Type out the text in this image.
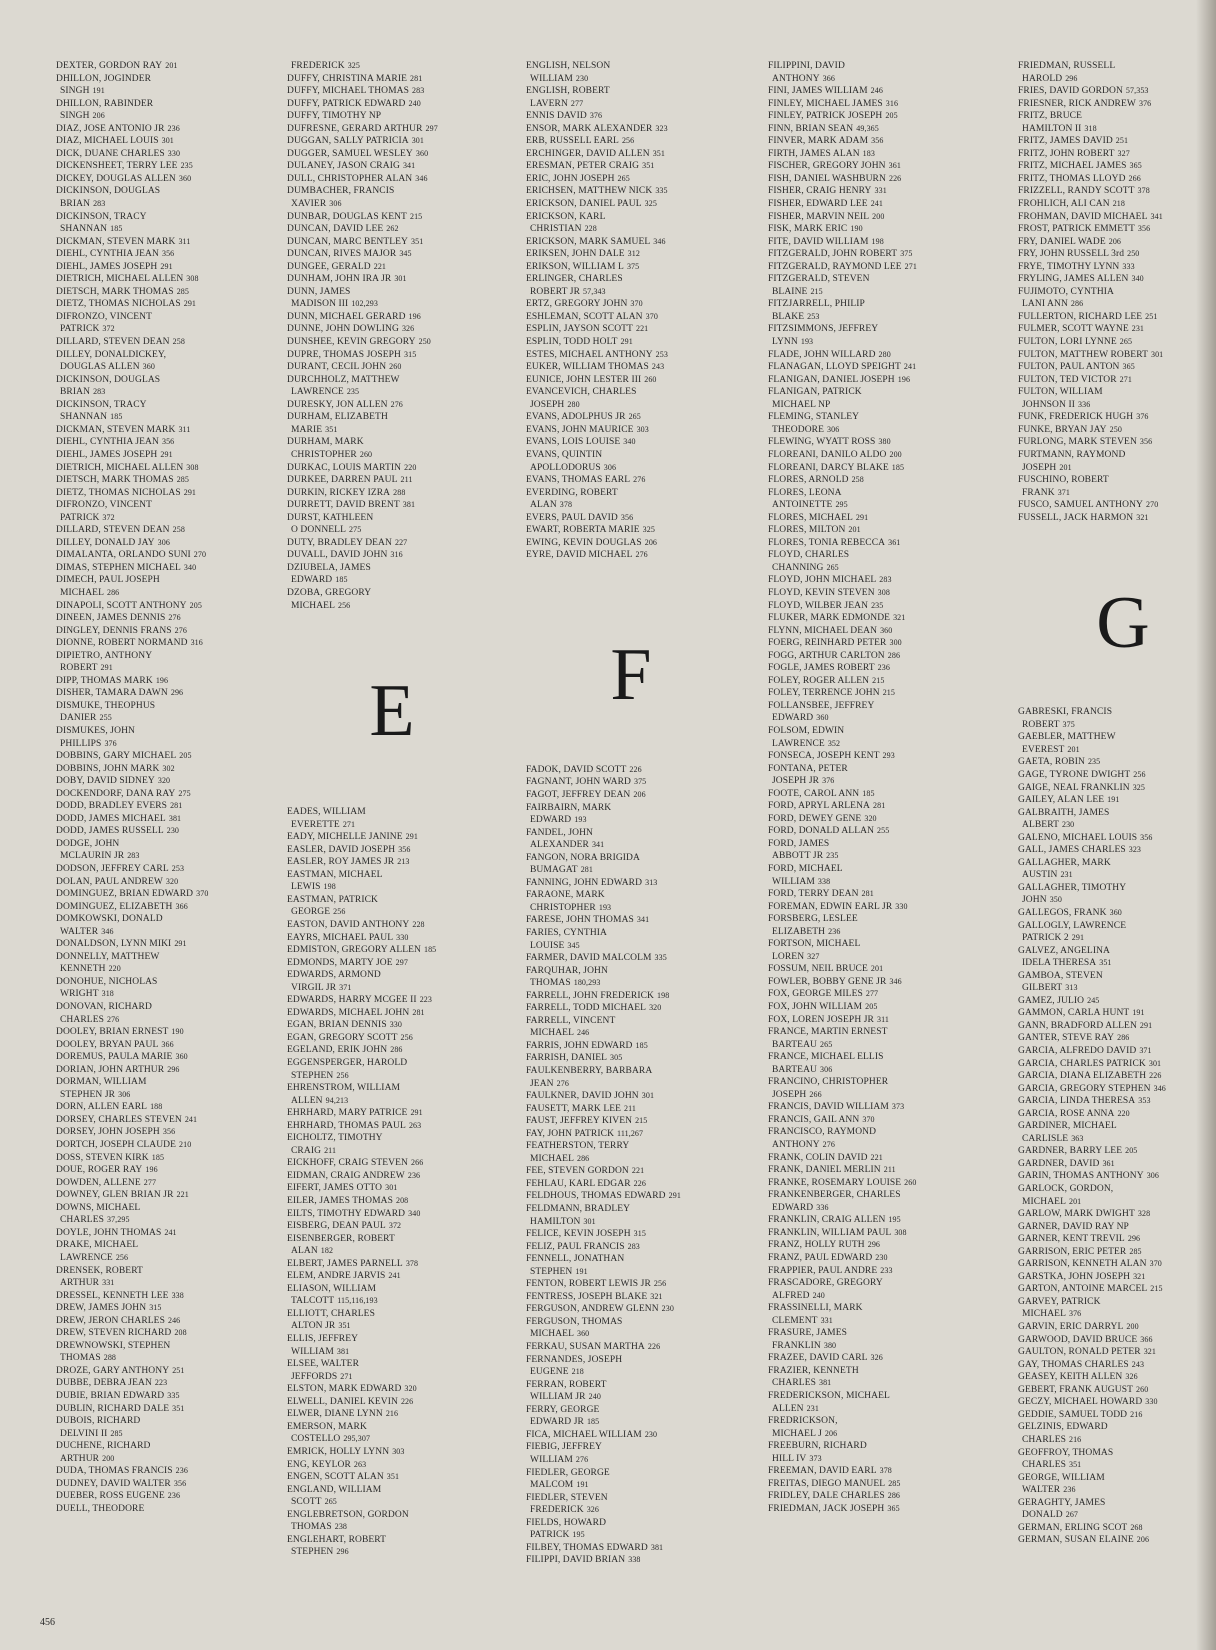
DEXTER, GORDON RAY 201
DHILLON, JOGINDER
SINGH 191
DHILLON, RABINDER
SINGH 206
DIAZ, JOSE ANTONIO JR 236
DIAZ, MICHAEL LOUIS 301
DICK, DUANE CHARLES 330
DICKENSHEET, TERRY LEE 235
DICKEY, DOUGLAS ALLEN 360
DICKINSON, DOUGLAS
BRIAN 283
DICKINSON, TRACY
SHANNAN 185
DICKMAN, STEVEN MARK 311
DIEHL, CYNTHIA JEAN 356
DIEHL, JAMES JOSEPH 291
DIETRICH, MICHAEL ALLEN 308
DIETSCH, MARK THOMAS 285
DIETZ, THOMAS NICHOLAS 291
DIFRONZO, VINCENT
PATRICK 372
DILLARD, STEVEN DEAN 258
DILLEY, DONALDICKEY,
DOUGLAS ALLEN 360
DICKINSON, DOUGLAS
BRIAN 283
DICKINSON, TRACY
SHANNAN 185
DICKMAN, STEVEN MARK 311
DIEHL, CYNTHIA JEAN 356
DIEHL, JAMES JOSEPH 291
DIETRICH, MICHAEL ALLEN 308
DIETSCH, MARK THOMAS 285
DIETZ, THOMAS NICHOLAS 291
DIFRONZO, VINCENT
PATRICK 372
DILLARD, STEVEN DEAN 258
DILLEY, DONALD JAY 306
DIMALANTA, ORLANDO SUNI 270
DIMAS, STEPHEN MICHAEL 340
DIMECH, PAUL JOSEPH
MICHAEL 286
DINAPOLI, SCOTT ANTHONY 205
DINEEN, JAMES DENNIS 276
DINGLEY, DENNIS FRANS 276
DIONNE, ROBERT NORMAND 316
DIPIETRO, ANTHONY
ROBERT 291
DIPP, THOMAS MARK 196
DISHER, TAMARA DAWN 296
DISMUKE, THEOPHUS
DANIER 255
DISMUKES, JOHN
PHILLIPS 376
DOBBINS, GARY MICHAEL 205
DOBBINS, JOHN MARK 302
DOBY, DAVID SIDNEY 320
DOCKENDORF, DANA RAY 275
DODD, BRADLEY EVERS 281
DODD, JAMES MICHAEL 381
DODD, JAMES RUSSELL 230
DODGE, JOHN
MCLAURIN JR 283
DODSON, JEFFREY CARL 253
DOLAN, PAUL ANDREW 320
DOMINGUEZ, BRIAN EDWARD 370
DOMINGUEZ, ELIZABETH 366
DOMKOWSKI, DONALD
WALTER 346
DONALDSON, LYNN MIKI 291
DONNELLY, MATTHEW
KENNETH 220
DONOHUE, NICHOLAS
WRIGHT 318
DONOVAN, RICHARD
CHARLES 276
DOOLEY, BRIAN ERNEST 190
DOOLEY, BRYAN PAUL 366
DOREMUS, PAULA MARIE 360
DORIAN, JOHN ARTHUR 296
DORMAN, WILLIAM
STEPHEN JR 306
DORN, ALLEN EARL 188
DORSEY, CHARLES STEVEN 241
DORSEY, JOHN JOSEPH 356
DORTCH, JOSEPH CLAUDE 210
DOSS, STEVEN KIRK 185
DOUE, ROGER RAY 196
DOWDEN, ALLENE 277
DOWNEY, GLEN BRIAN JR 221
DOWNS, MICHAEL
CHARLES 37,295
DOYLE, JOHN THOMAS 241
DRAKE, MICHAEL
LAWRENCE 256
DRENSEK, ROBERT
ARTHUR 331
DRESSEL, KENNETH LEE 338
DREW, JAMES JOHN 315
DREW, JERON CHARLES 246
DREW, STEVEN RICHARD 208
DREWNOWSKI, STEPHEN
THOMAS 288
DROZE, GARY ANTHONY 251
DUBBE, DEBRA JEAN 223
DUBIE, BRIAN EDWARD 335
DUBLIN, RICHARD DALE 351
DUBOIS, RICHARD
DELVINI II 285
DUCHENE, RICHARD
ARTHUR 200
DUDA, THOMAS FRANCIS 236
DUDNEY, DAVID WALTER 356
DUEBER, ROSS EUGENE 236
DUELL, THEODORE
FREDERICK 325
DUFFY, CHRISTINA MARIE 281
DUFFY, MICHAEL THOMAS 283
DUFFY, PATRICK EDWARD 240
DUFFY, TIMOTHY NP
DUFRESNE, GERARD ARTHUR 297
DUGGAN, SALLY PATRICIA 301
DUGGER, SAMUEL WESLEY 360
DULANEY, JASON CRAIG 341
DULL, CHRISTOPHER ALAN 346
DUMBACHER, FRANCIS
XAVIER 306
DUNBAR, DOUGLAS KENT 215
DUNCAN, DAVID LEE 262
DUNCAN, MARC BENTLEY 351
DUNCAN, RIVES MAJOR 345
DUNGEE, GERALD 221
DUNHAM, JOHN IRA JR 301
DUNN, JAMES
MADISON III 102,293
DUNN, MICHAEL GERARD 196
DUNNE, JOHN DOWLING 326
DUNSHEE, KEVIN GREGORY 250
DUPRE, THOMAS JOSEPH 315
DURANT, CECIL JOHN 260
DURCHHOLZ, MATTHEW
LAWRENCE 235
DURESKY, JON ALLEN 276
DURHAM, ELIZABETH
MARIE 351
DURHAM, MARK
CHRISTOPHER 260
DURKAC, LOUIS MARTIN 220
DURKEE, DARREN PAUL 211
DURKIN, RICKEY IZRA 288
DURRETT, DAVID BRENT 381
DURST, KATHLEEN
O DONNELL 275
DUTY, BRADLEY DEAN 227
DUVALL, DAVID JOHN 316
DZIUBELA, JAMES
EDWARD 185
DZOBA, GREGORY
MICHAEL 256
E
EADES, WILLIAM
EVERETTE 271
EADY, MICHELLE JANINE 291
EASLER, DAVID JOSEPH 356
EASLER, ROY JAMES JR 213
EASTMAN, MICHAEL
LEWIS 198
EASTMAN, PATRICK
GEORGE 256
EASTON, DAVID ANTHONY 228
EAYRS, MICHAEL PAUL 330
EDMISTON, GREGORY ALLEN 185
EDMONDS, MARTY JOE 297
EDWARDS, ARMOND
VIRGIL JR 371
EDWARDS, HARRY MCGEE II 223
EDWARDS, MICHAEL JOHN 281
EGAN, BRIAN DENNIS 330
EGAN, GREGORY SCOTT 256
EGELAND, ERIK JOHN 286
EGGENSPERGER, HAROLD
STEPHEN 256
EHRENSTROM, WILLIAM
ALLEN 94,213
EHRHARD, MARY PATRICE 291
EHRHARD, THOMAS PAUL 263
EICHOLTZ, TIMOTHY
CRAIG 211
EICKHOFF, CRAIG STEVEN 266
EIDMAN, CRAIG ANDREW 236
EIFERT, JAMES OTTO 301
EILER, JAMES THOMAS 208
EILTS, TIMOTHY EDWARD 340
EISBERG, DEAN PAUL 372
EISENBERGER, ROBERT
ALAN 182
ELBERT, JAMES PARNELL 378
ELEM, ANDRE JARVIS 241
ELIASON, WILLIAM
TALCOTT 115,116,193
ELLIOTT, CHARLES
ALTON JR 351
ELLIS, JEFFREY
WILLIAM 381
ELSEE, WALTER
JEFFORDS 271
ELSTON, MARK EDWARD 320
ELWELL, DANIEL KEVIN 226
ELWER, DIANE LYNN 216
EMERSON, MARK
COSTELLO 295,307
EMRICK, HOLLY LYNN 303
ENG, KEYLOR 263
ENGEN, SCOTT ALAN 351
ENGLAND, WILLIAM
SCOTT 265
ENGLEBRETSON, GORDON
THOMAS 238
ENGLEHART, ROBERT
STEPHEN 296
ENGLISH, NELSON
WILLIAM 230
ENGLISH, ROBERT
LAVERN 277
ENNIS DAVID 376
ENSOR, MARK ALEXANDER 323
ERB, RUSSELL EARL 256
ERCHINGER, DAVID ALLEN 351
ERESMAN, PETER CRAIG 351
ERIC, JOHN JOSEPH 265
ERICHSEN, MATTHEW NICK 335
ERICKSON, DANIEL PAUL 325
ERICKSON, KARL
CHRISTIAN 228
ERICKSON, MARK SAMUEL 346
ERIKSEN, JOHN DALE 312
ERIKSON, WILLIAM L 375
ERLINGER, CHARLES
ROBERT JR 57,343
ERTZ, GREGORY JOHN 370
ESHLEMAN, SCOTT ALAN 370
ESPLIN, JAYSON SCOTT 221
ESPLIN, TODD HOLT 291
ESTES, MICHAEL ANTHONY 253
EUKER, WILLIAM THOMAS 243
EUNICE, JOHN LESTER III 260
EVANCEVICH, CHARLES
JOSEPH 280
EVANS, ADOLPHUS JR 265
EVANS, JOHN MAURICE 303
EVANS, LOIS LOUISE 340
EVANS, QUINTIN
APOLLODORUS 306
EVANS, THOMAS EARL 276
EVERDING, ROBERT
ALAN 378
EVERS, PAUL DAVID 356
EWART, ROBERTA MARIE 325
EWING, KEVIN DOUGLAS 206
EYRE, DAVID MICHAEL 276
F
FADOK, DAVID SCOTT 226
FAGNANT, JOHN WARD 375
FAGOT, JEFFREY DEAN 206
FAIRBAIRN, MARK
EDWARD 193
FANDEL, JOHN
ALEXANDER 341
FANGON, NORA BRIGIDA
BUMAGAT 281
FANNING, JOHN EDWARD 313
FARAONE, MARK
CHRISTOPHER 193
FARESE, JOHN THOMAS 341
FARIES, CYNTHIA
LOUISE 345
FARMER, DAVID MALCOLM 335
FARQUHAR, JOHN
THOMAS 180,293
FARRELL, JOHN FREDERICK 198
FARRELL, TODD MICHAEL 320
FARRELL, VINCENT
MICHAEL 246
FARRIS, JOHN EDWARD 185
FARRISH, DANIEL 305
FAULKENBERRY, BARBARA
JEAN 276
FAULKNER, DAVID JOHN 301
FAUSETT, MARK LEE 211
FAUST, JEFFREY KIVEN 215
FAY, JOHN PATRICK 111,267
FEATHERSTON, TERRY
MICHAEL 286
FEE, STEVEN GORDON 221
FEHLAU, KARL EDGAR 226
FELDHOUS, THOMAS EDWARD 291
FELDMANN, BRADLEY
HAMILTON 301
FELICE, KEVIN JOSEPH 315
FELIZ, PAUL FRANCIS 283
FENNELL, JONATHAN
STEPHEN 191
FENTON, ROBERT LEWIS JR 256
FENTRESS, JOSEPH BLAKE 321
FERGUSON, ANDREW GLENN 230
FERGUSON, THOMAS
MICHAEL 360
FERKAU, SUSAN MARTHA 226
FERNANDES, JOSEPH
EUGENE 218
FERRAN, ROBERT
WILLIAM JR 240
FERRY, GEORGE
EDWARD JR 185
FICA, MICHAEL WILLIAM 230
FIEBIG, JEFFREY
WILLIAM 276
FIEDLER, GEORGE
MALCOM 191
FIEDLER, STEVEN
FREDERICK 326
FIELDS, HOWARD
PATRICK 195
FILBEY, THOMAS EDWARD 381
FILIPPI, DAVID BRIAN 338
FILIPPINI, DAVID
ANTHONY 366
FINI, JAMES WILLIAM 246
FINLEY, MICHAEL JAMES 316
FINLEY, PATRICK JOSEPH 205
FINN, BRIAN SEAN 49,365
FINVER, MARK ADAM 356
FIRTH, JAMES ALAN 183
FISCHER, GREGORY JOHN 361
FISH, DANIEL WASHBURN 226
FISHER, CRAIG HENRY 331
FISHER, EDWARD LEE 241
FISHER, MARVIN NEIL 200
FISK, MARK ERIC 190
FITE, DAVID WILLIAM 198
FITZGERALD, JOHN ROBERT 375
FITZGERALD, RAYMOND LEE 271
FITZGERALD, STEVEN
BLAINE 215
FITZJARRELL, PHILIP
BLAKE 253
FITZSIMMONS, JEFFREY
LYNN 193
FLADE, JOHN WILLARD 280
FLANAGAN, LLOYD SPEIGHT 241
FLANIGAN, DANIEL JOSEPH 196
FLANIGAN, PATRICK
MICHAEL NP
FLEMING, STANLEY
THEODORE 306
FLEWING, WYATT ROSS 380
FLOREANI, DANILO ALDO 200
FLOREANI, DARCY BLAKE 185
FLORES, ARNOLD 258
FLORES, LEONA
ANTOINETTE 295
FLORES, MICHAEL 291
FLORES, MILTON 201
FLORES, TONIA REBECCA 361
FLOYD, CHARLES
CHANNING 265
FLOYD, JOHN MICHAEL 283
FLOYD, KEVIN STEVEN 308
FLOYD, WILBER JEAN 235
FLUKER, MARK EDMONDE 321
FLYNN, MICHAEL DEAN 360
FOERG, REINHARD PETER 300
FOGG, ARTHUR CARLTON 286
FOGLE, JAMES ROBERT 236
FOLEY, ROGER ALLEN 215
FOLEY, TERRENCE JOHN 215
FOLLANSBEE, JEFFREY
EDWARD 360
FOLSOM, EDWIN
LAWRENCE 352
FONSECA, JOSEPH KENT 293
FONTANA, PETER
JOSEPH JR 376
FOOTE, CAROL ANN 185
FORD, APRYL ARLENA 281
FORD, DEWEY GENE 320
FORD, DONALD ALLAN 255
FORD, JAMES
ABBOTT JR 235
FORD, MICHAEL
WILLIAM 338
FORD, TERRY DEAN 281
FOREMAN, EDWIN EARL JR 330
FORSBERG, LESLEE
ELIZABETH 236
FORTSON, MICHAEL
LOREN 327
FOSSUM, NEIL BRUCE 201
FOWLER, BOBBY GENE JR 346
FOX, GEORGE MILES 277
FOX, JOHN WILLIAM 205
FOX, LOREN JOSEPH JR 311
FRANCE, MARTIN ERNEST
BARTEAU 265
FRANCE, MICHAEL ELLIS
BARTEAU 306
FRANCINO, CHRISTOPHER
JOSEPH 266
FRANCIS, DAVID WILLIAM 373
FRANCIS, GAIL ANN 370
FRANCISCO, RAYMOND
ANTHONY 276
FRANK, COLIN DAVID 221
FRANK, DANIEL MERLIN 211
FRANKE, ROSEMARY LOUISE 260
FRANKENBERGER, CHARLES
EDWARD 336
FRANKLIN, CRAIG ALLEN 195
FRANKLIN, WILLIAM PAUL 308
FRANZ, HOLLY RUTH 296
FRANZ, PAUL EDWARD 230
FRAPPIER, PAUL ANDRE 233
FRASCADORE, GREGORY
ALFRED 240
FRASSINELLI, MARK
CLEMENT 331
FRASURE, JAMES
FRANKLIN 380
FRAZEE, DAVID CARL 326
FRAZIER, KENNETH
CHARLES 381
FREDERICKSON, MICHAEL
ALLEN 231
FREDRICKSON,
MICHAEL J 206
FREEBURN, RICHARD
HILL IV 373
FREEMAN, DAVID EARL 378
FREITAS, DIEGO MANUEL 285
FRIDLEY, DALE CHARLES 286
FRIEDMAN, JACK JOSEPH 365
FRIEDMAN, RUSSELL
HAROLD 296
FRIES, DAVID GORDON 57,353
FRIESNER, RICK ANDREW 376
FRITZ, BRUCE
HAMILTON II 318
FRITZ, JAMES DAVID 251
FRITZ, JOHN ROBERT 327
FRITZ, MICHAEL JAMES 365
FRITZ, THOMAS LLOYD 266
FRIZZELL, RANDY SCOTT 378
FROHLICH, ALI CAN 218
FROHMAN, DAVID MICHAEL 341
FROST, PATRICK EMMETT 356
FRY, DANIEL WADE 206
FRY, JOHN RUSSELL 3rd 250
FRYE, TIMOTHY LYNN 333
FRYLING, JAMES ALLEN 340
FUJIMOTO, CYNTHIA
LANI ANN 286
FULLERTON, RICHARD LEE 251
FULMER, SCOTT WAYNE 231
FULTON, LORI LYNNE 265
FULTON, MATTHEW ROBERT 301
FULTON, PAUL ANTON 365
FULTON, TED VICTOR 271
FULTON, WILLIAM
JOHNSON II 336
FUNK, FREDERICK HUGH 376
FUNKE, BRYAN JAY 250
FURLONG, MARK STEVEN 356
FURTMANN, RAYMOND
JOSEPH 201
FUSCHINO, ROBERT
FRANK 371
FUSCO, SAMUEL ANTHONY 270
FUSSELL, JACK HARMON 321
G
GABRESKI, FRANCIS
ROBERT 375
GAEBLER, MATTHEW
EVEREST 201
GAETA, ROBIN 235
GAGE, TYRONE DWIGHT 256
GAIGE, NEAL FRANKLIN 325
GAILEY, ALAN LEE 191
GALBRAITH, JAMES
ALBERT 230
GALENO, MICHAEL LOUIS 356
GALL, JAMES CHARLES 323
GALLAGHER, MARK
AUSTIN 231
GALLAGHER, TIMOTHY
JOHN 350
GALLEGOS, FRANK 360
GALLOGLY, LAWRENCE
PATRICK 2 291
GALVEZ, ANGELINA
IDELA THERESA 351
GAMBOA, STEVEN
GILBERT 313
GAMEZ, JULIO 245
GAMMON, CARLA HUNT 191
GANN, BRADFORD ALLEN 291
GANTER, STEVE RAY 286
GARCIA, ALFREDO DAVID 371
GARCIA, CHARLES PATRICK 301
GARCIA, DIANA ELIZABETH 226
GARCIA, GREGORY STEPHEN 346
GARCIA, LINDA THERESA 353
GARCIA, ROSE ANNA 220
GARDINER, MICHAEL
CARLISLE 363
GARDNER, BARRY LEE 205
GARDNER, DAVID 361
GARIN, THOMAS ANTHONY 306
GARLOCK, GORDON,
MICHAEL 201
GARLOW, MARK DWIGHT 328
GARNER, DAVID RAY NP
GARNER, KENT TREVIL 296
GARRISON, ERIC PETER 285
GARRISON, KENNETH ALAN 370
GARSTKA, JOHN JOSEPH 321
GARTON, ANTOINE MARCEL 215
GARVEY, PATRICK
MICHAEL 376
GARVIN, ERIC DARRYL 200
GARWOOD, DAVID BRUCE 366
GAULTON, RONALD PETER 321
GAY, THOMAS CHARLES 243
GEASEY, KEITH ALLEN 326
GEBERT, FRANK AUGUST 260
GECZY, MICHAEL HOWARD 330
GEDDIE, SAMUEL TODD 216
GELZINIS, EDWARD
CHARLES 216
GEOFFROY, THOMAS
CHARLES 351
GEORGE, WILLIAM
WALTER 236
GERAGHTY, JAMES
DONALD 267
GERMAN, ERLING SCOT 268
GERMAN, SUSAN ELAINE 206
456
